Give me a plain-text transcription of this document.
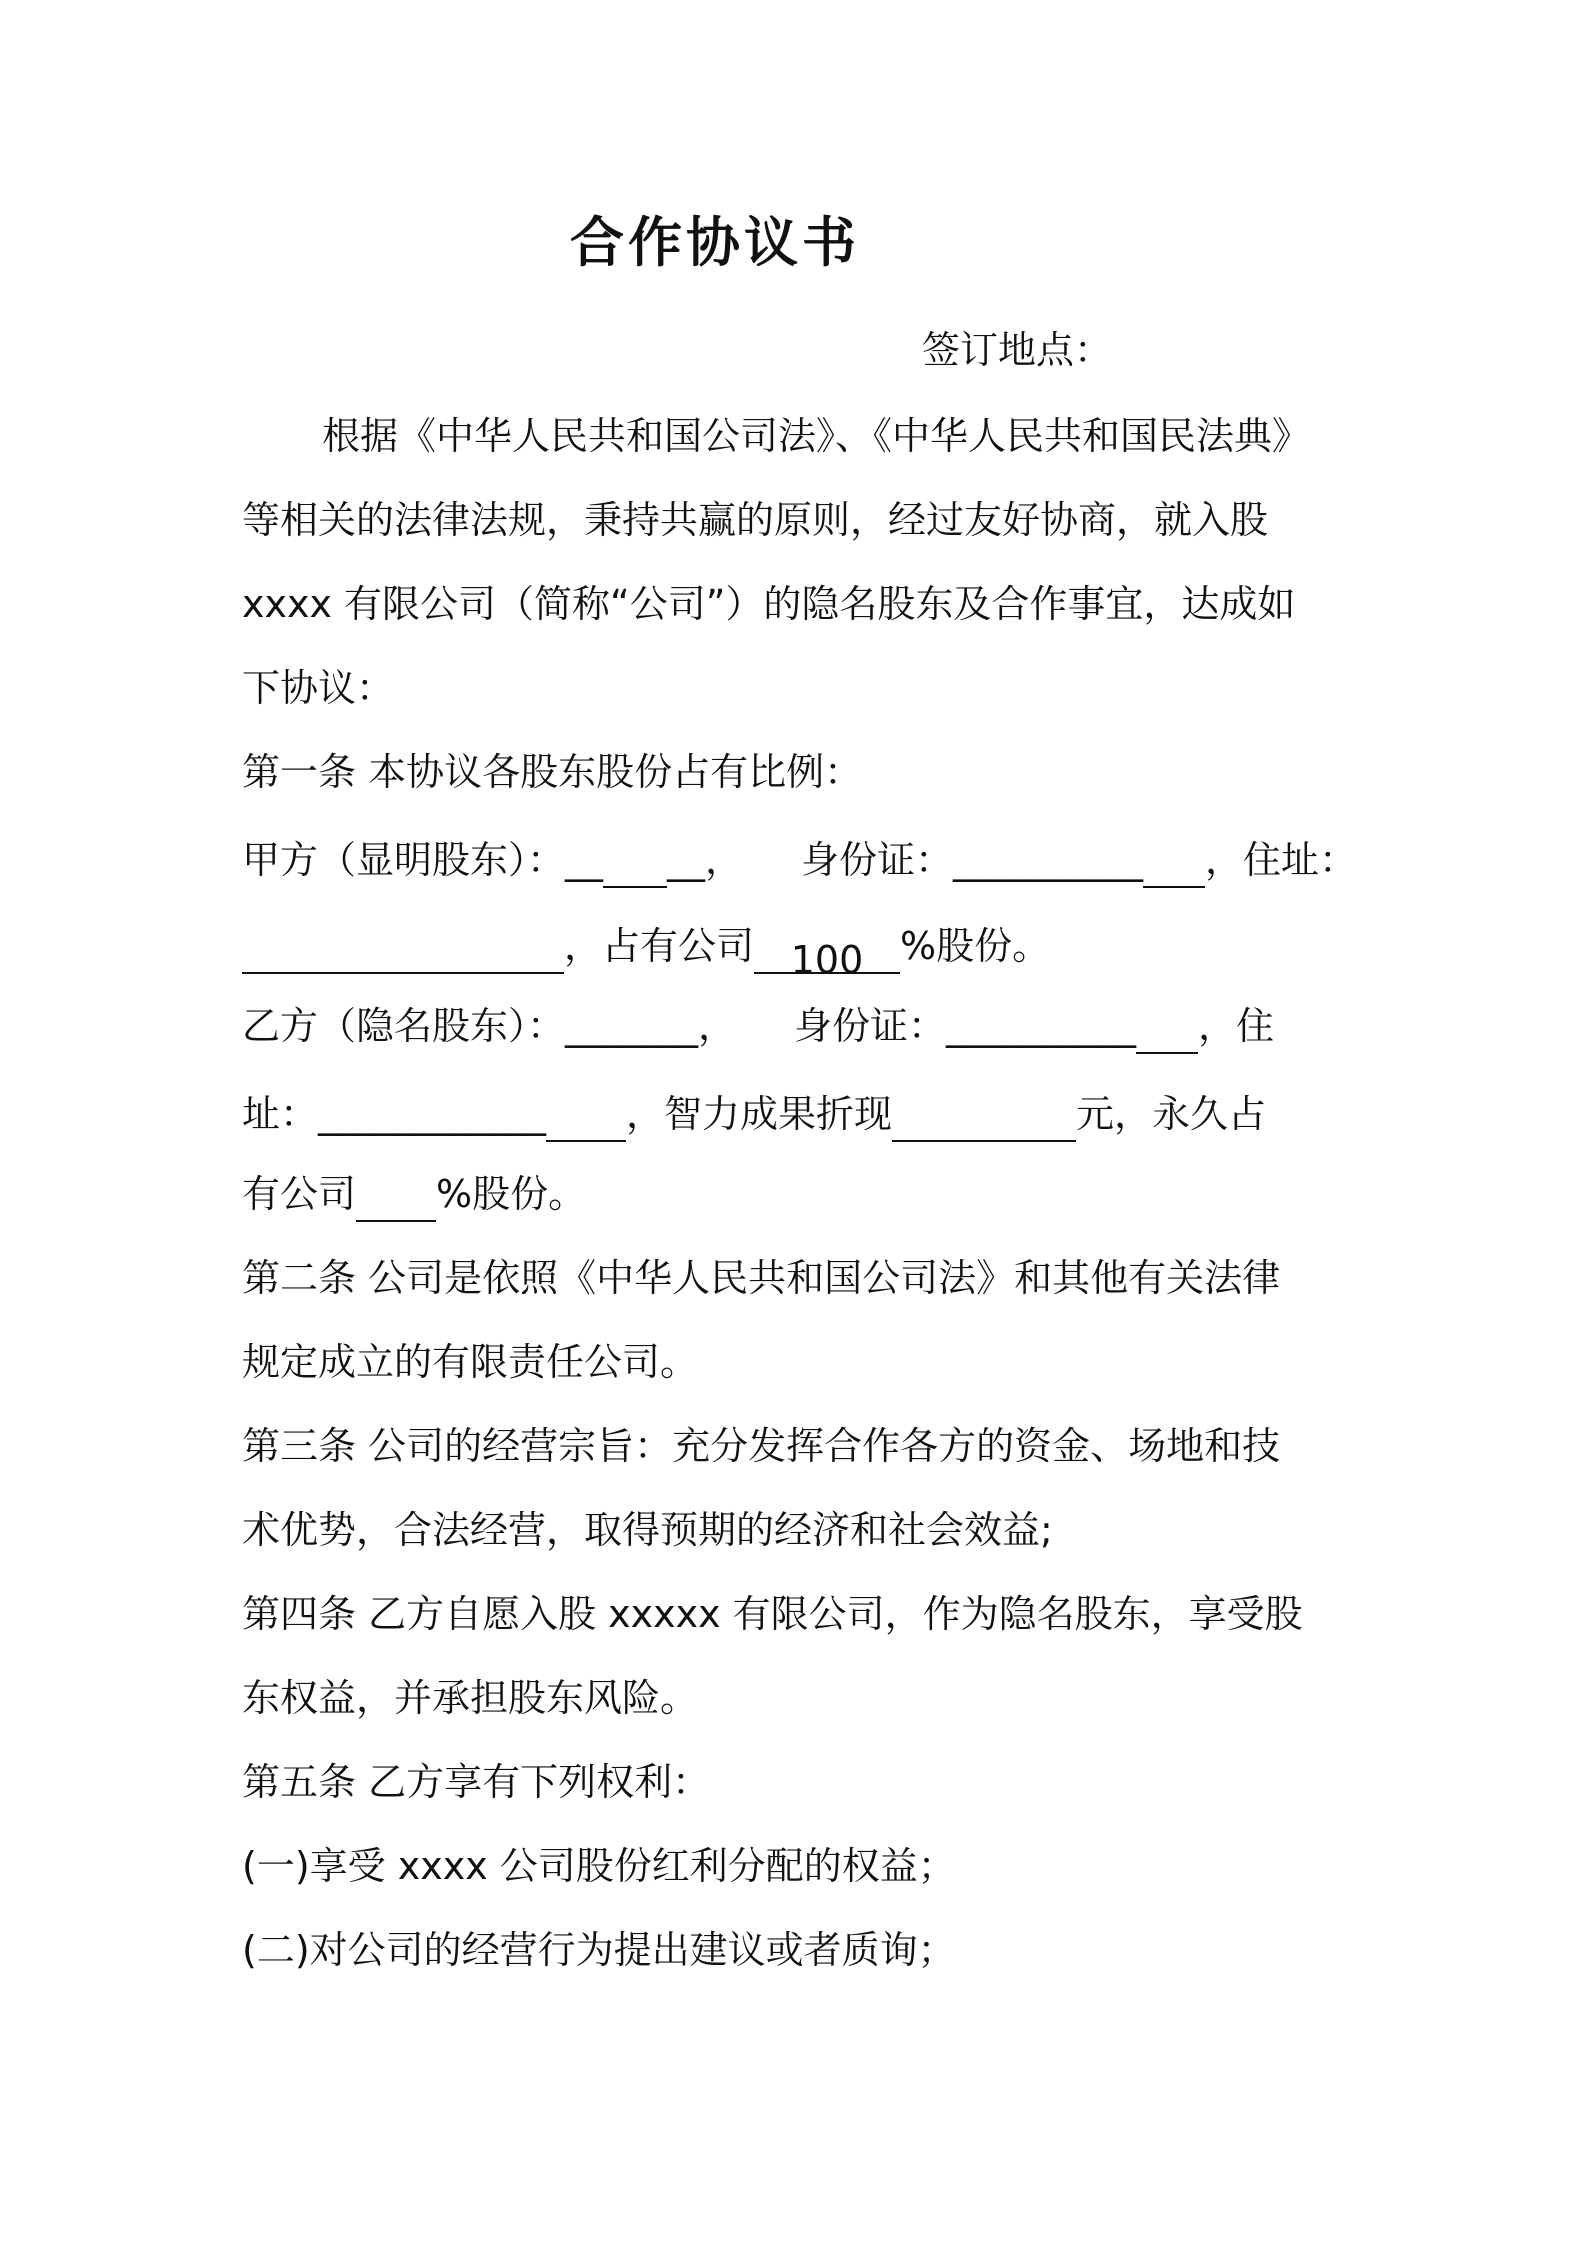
合作协议书
签订地点：
根据《中华人民共和国公司法》、《中华人民共和国民法典》
等相关的法律法规，秉持共赢的原则，经过友好协商，就入股
xxxx 有限公司（简称“公司”）的隐名股东及合作事宜，达成如
下协议：
第一条 本协议各股东股份占有比例：
甲方（显明股东）：__ __， 身份证：__________ ，住址：
，占有公司 100 %股份。
乙方（隐名股东）：_______， 身份证：__________ ，住
址：____________ ，智力成果折现	元，永久占
有公司 %股份。
第二条 公司是依照《中华人民共和国公司法》和其他有关法律
规定成立的有限责任公司。
第三条 公司的经营宗旨：充分发挥合作各方的资金、场地和技
术优势，合法经营，取得预期的经济和社会效益;
第四条 乙方自愿入股 xxxxx 有限公司，作为隐名股东，享受股
东权益，并承担股东风险。
第五条 乙方享有下列权利：
(一)享受 xxxx 公司股份红利分配的权益；
(二)对公司的经营行为提出建议或者质询；
